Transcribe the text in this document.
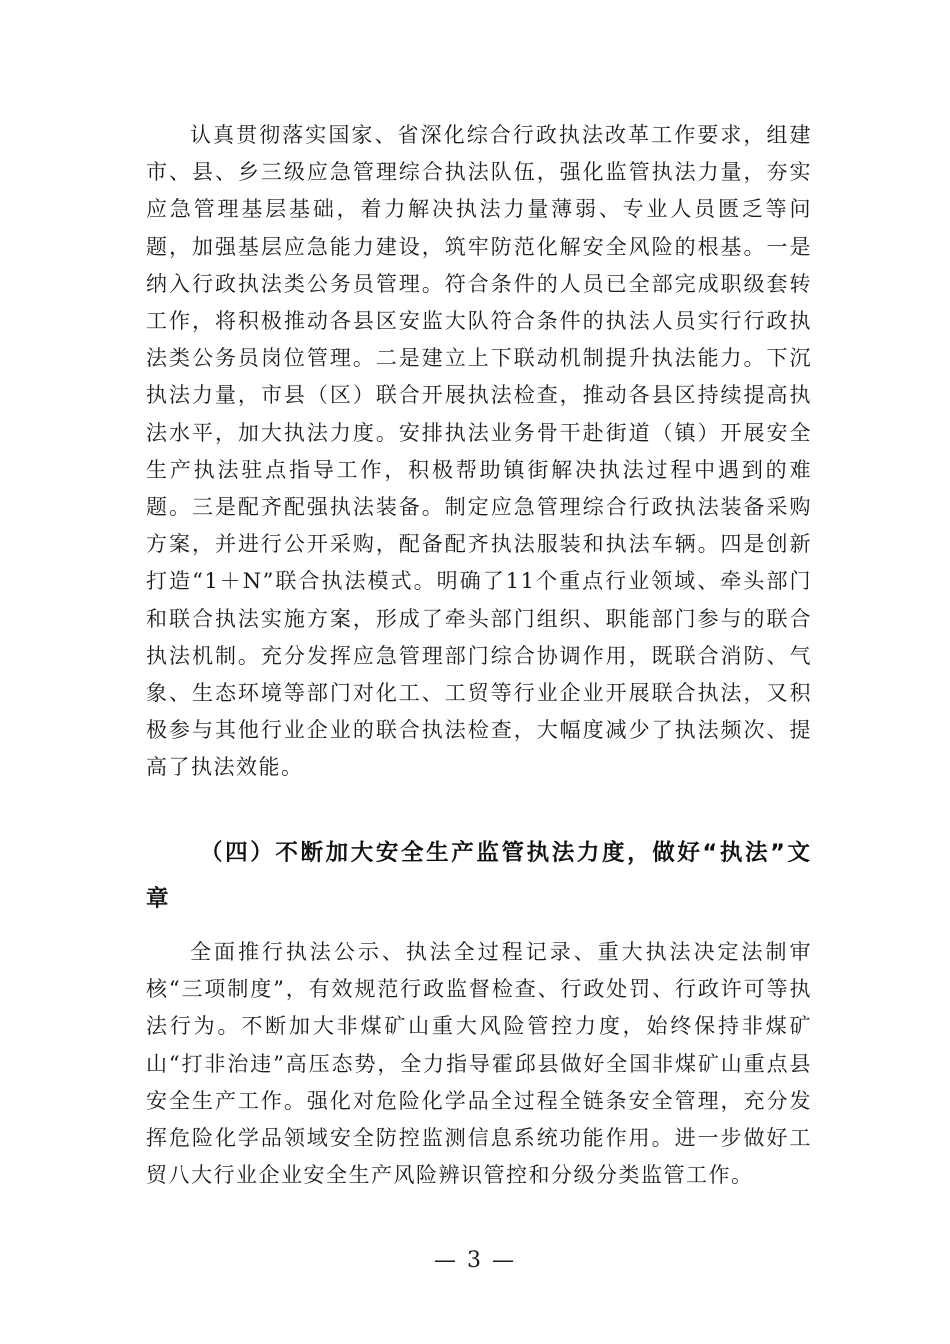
认真贯彻落实国家、省深化综合行政执法改革工作要求，组建市、县、乡三级应急管理综合执法队伍，强化监管执法力量，夯实应急管理基层基础，着力解决执法力量薄弱、专业人员匮乏等问题，加强基层应急能力建设，筑牢防范化解安全风险的根基。一是纳入行政执法类公务员管理。符合条件的人员已全部完成职级套转工作，将积极推动各县区安监大队符合条件的执法人员实行行政执法类公务员岗位管理。二是建立上下联动机制提升执法能力。下沉执法力量，市县（区）联合开展执法检查，推动各县区持续提高执法水平，加大执法力度。安排执法业务骨干赴街道（镇）开展安全生产执法驻点指导工作，积极帮助镇街解决执法过程中遇到的难题。三是配齐配强执法装备。制定应急管理综合行政执法装备采购方案，并进行公开采购，配备配齐执法服装和执法车辆。四是创新打造“1＋N”联合执法模式。明确了11个重点行业领域、牵头部门和联合执法实施方案，形成了牵头部门组织、职能部门参与的联合执法机制。充分发挥应急管理部门综合协调作用，既联合消防、气象、生态环境等部门对化工、工贸等行业企业开展联合执法，又积极参与其他行业企业的联合执法检查，大幅度减少了执法频次、提高了执法效能。

（四）不断加大安全生产监管执法力度，做好“执法”文章

全面推行执法公示、执法全过程记录、重大执法决定法制审核“三项制度”，有效规范行政监督检查、行政处罚、行政许可等执法行为。不断加大非煤矿山重大风险管控力度，始终保持非煤矿山“打非治违”高压态势，全力指导霍邱县做好全国非煤矿山重点县安全生产工作。强化对危险化学品全过程全链条安全管理，充分发挥危险化学品领域安全防控监测信息系统功能作用。进一步做好工贸八大行业企业安全生产风险辨识管控和分级分类监管工作。

— 3 —
